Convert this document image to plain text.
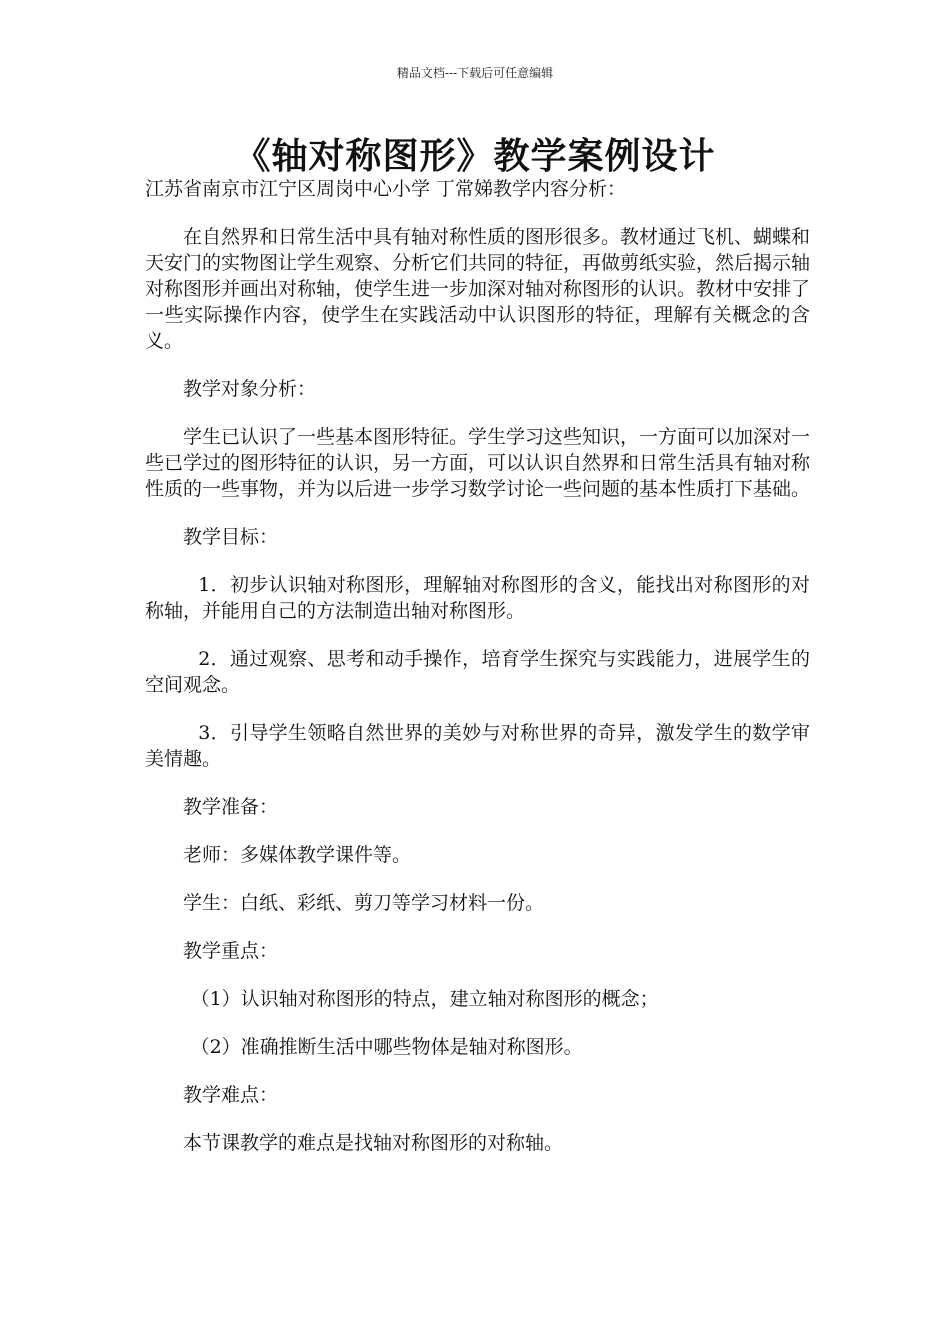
精品文档---下载后可任意编辑
《轴对称图形》教学案例设计

江苏省南京市江宁区周岗中心小学 丁常娣教学内容分析：

在自然界和日常生活中具有轴对称性质的图形很多。教材通过飞机、蝴蝶和天安门的实物图让学生观察、分析它们共同的特征，再做剪纸实验，然后揭示轴对称图形并画出对称轴，使学生进一步加深对轴对称图形的认识。教材中安排了一些实际操作内容，使学生在实践活动中认识图形的特征，理解有关概念的含义。

教学对象分析：

学生已认识了一些基本图形特征。学生学习这些知识，一方面可以加深对一些已学过的图形特征的认识，另一方面，可以认识自然界和日常生活具有轴对称性质的一些事物，并为以后进一步学习数学讨论一些问题的基本性质打下基础。

教学目标：

1．初步认识轴对称图形，理解轴对称图形的含义，能找出对称图形的对称轴，并能用自己的方法制造出轴对称图形。

2．通过观察、思考和动手操作，培育学生探究与实践能力，进展学生的空间观念。

3．引导学生领略自然世界的美妙与对称世界的奇异，激发学生的数学审美情趣。

教学准备：

老师：多媒体教学课件等。

学生：白纸、彩纸、剪刀等学习材料一份。

教学重点：

（1）认识轴对称图形的特点，建立轴对称图形的概念；

（2）准确推断生活中哪些物体是轴对称图形。

教学难点：

本节课教学的难点是找轴对称图形的对称轴。
